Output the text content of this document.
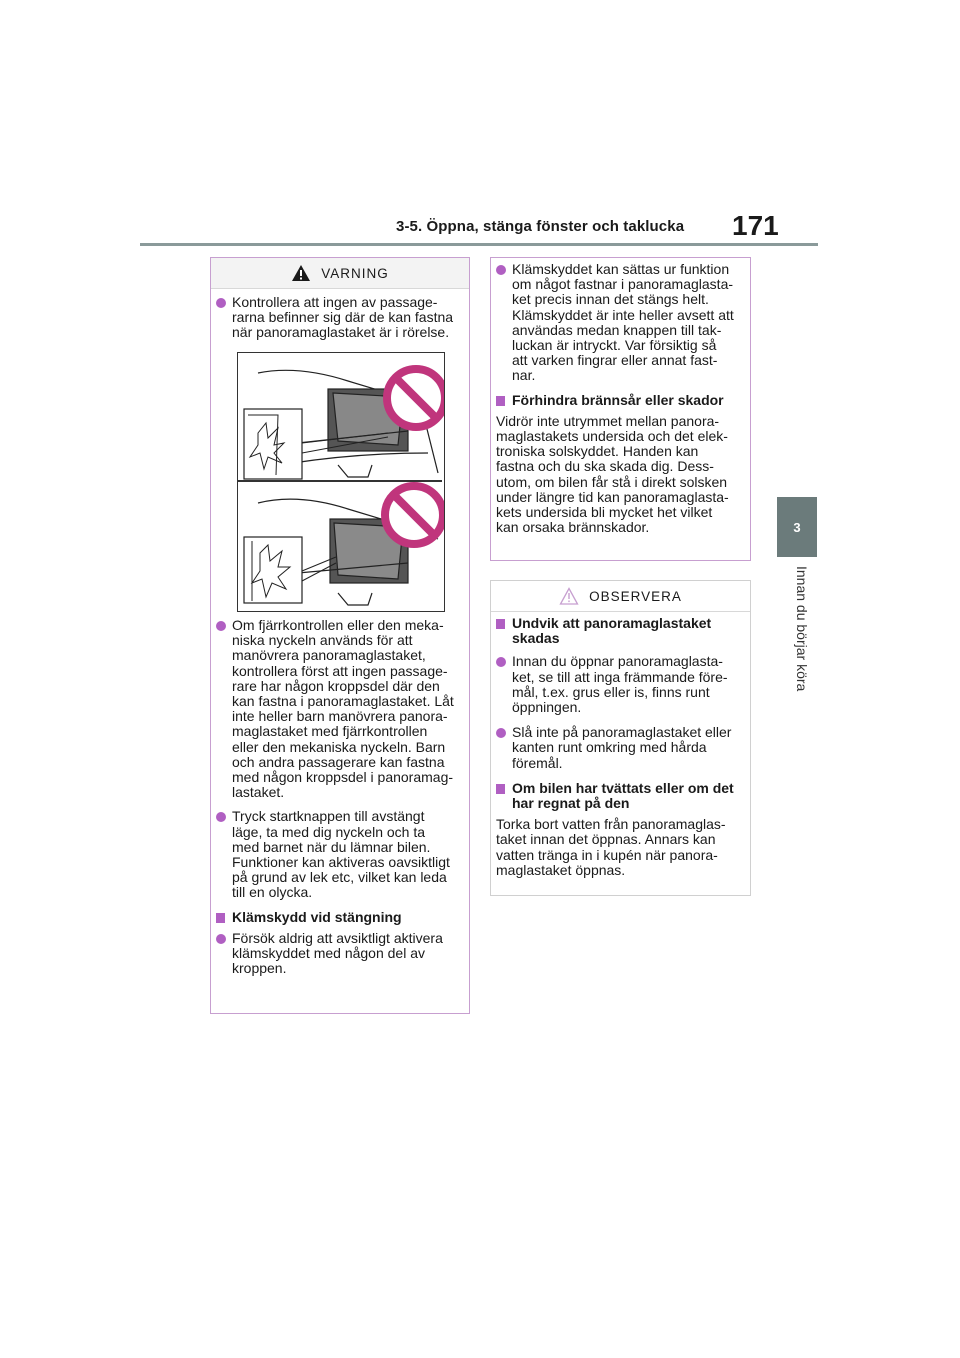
3-5. Öppna, stänga fönster och taklucka 171
3
Innan du börjar köra
VARNING
Kontrollera att ingen av passage-
rarna befinner sig där de kan fastna
när panoramaglastaket är i rörelse.
Om fjärrkontrollen eller den meka-
niska nyckeln används för att
manövrera panoramaglastaket,
kontrollera först att ingen passage-
rare har någon kroppsdel där den
kan fastna i panoramaglastaket. Låt
inte heller barn manövrera panora-
maglastaket med fjärrkontrollen
eller den mekaniska nyckeln. Barn
och andra passagerare kan fastna
med någon kroppsdel i panoramag-
lastaket.
Tryck startknappen till avstängt
läge, ta med dig nyckeln och ta
med barnet när du lämnar bilen.
Funktioner kan aktiveras oavsiktligt
på grund av lek etc, vilket kan leda
till en olycka.
Klämskydd vid stängning
Försök aldrig att avsiktligt aktivera
klämskyddet med någon del av
kroppen.
Klämskyddet kan sättas ur funktion
om något fastnar i panoramaglasta-
ket precis innan det stängs helt.
Klämskyddet är inte heller avsett att
användas medan knappen till tak-
luckan är intryckt. Var försiktig så
att varken fingrar eller annat fast-
nar.
Förhindra brännsår eller skador
Vidrör inte utrymmet mellan panora-
maglastakets undersida och det elek-
troniska solskyddet. Handen kan
fastna och du ska skada dig. Dess-
utom, om bilen får stå i direkt solsken
under längre tid kan panoramaglasta-
kets undersida bli mycket het vilket
kan orsaka brännskador.
OBSERVERA
Undvik att panoramaglastaket
skadas
Innan du öppnar panoramaglasta-
ket, se till att inga främmande före-
mål, t.ex. grus eller is, finns runt
öppningen.
Slå inte på panoramaglastaket eller
kanten runt omkring med hårda
föremål.
Om bilen har tvättats eller om det
har regnat på den
Torka bort vatten från panoramaglas-
taket innan det öppnas. Annars kan
vatten tränga in i kupén när panora-
maglastaket öppnas.
